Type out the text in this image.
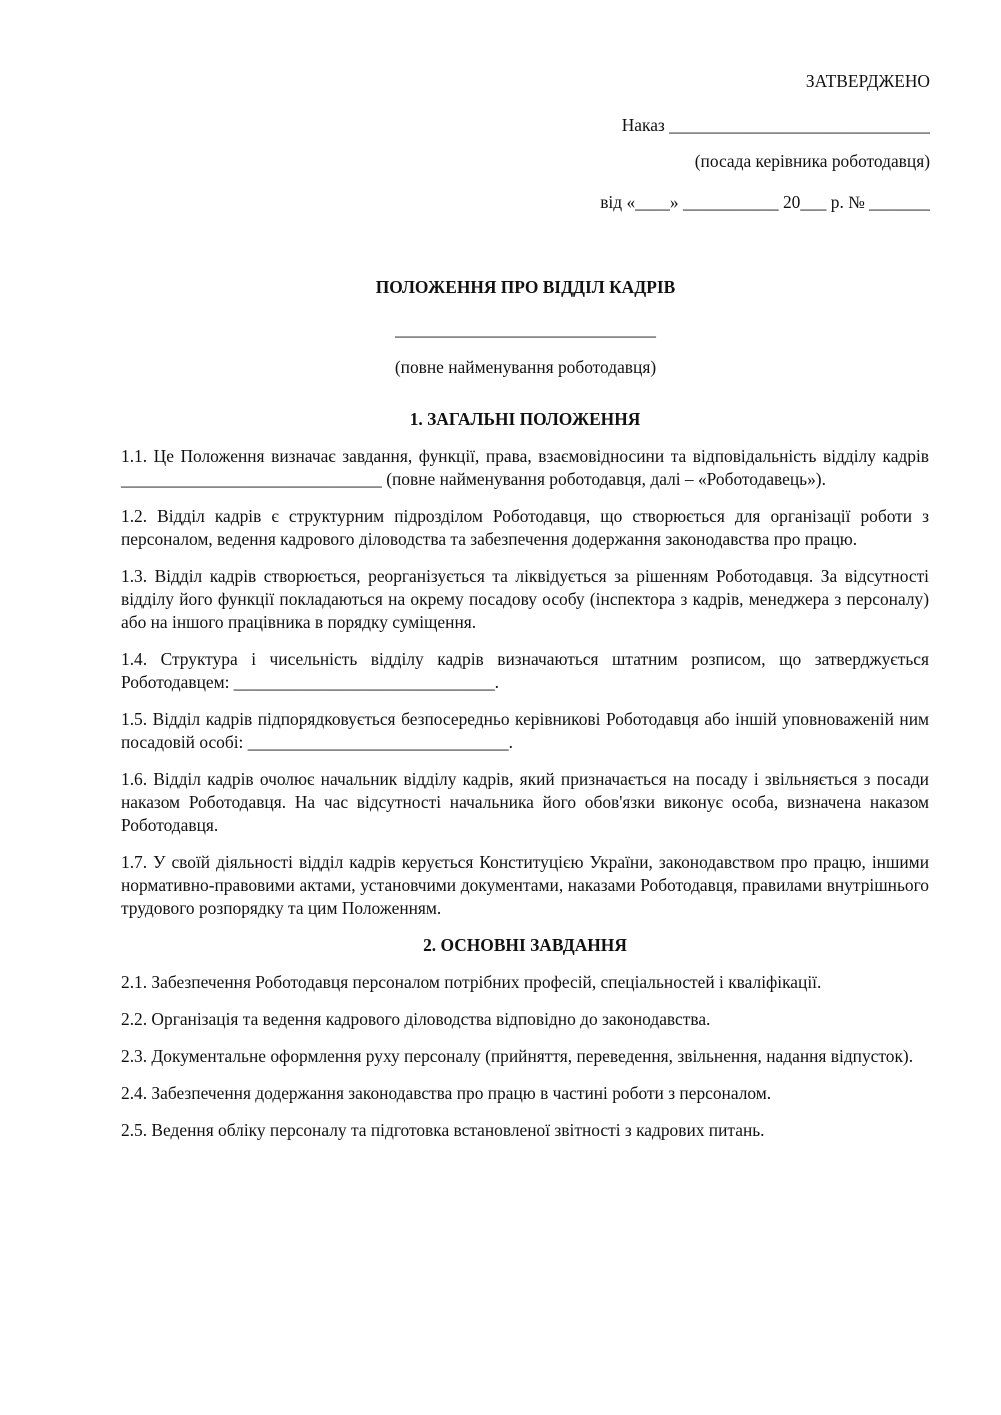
ЗАТВЕРДЖЕНО
Наказ ______________________________
(посада керівника роботодавця)
від «____» ___________ 20___ р. № _______
ПОЛОЖЕННЯ ПРО ВІДДІЛ КАДРІВ
______________________________
(повне найменування роботодавця)
1. ЗАГАЛЬНІ ПОЛОЖЕННЯ
1.1. Це Положення визначає завдання, функції, права, взаємовідносини та відповідальність відділу кадрів ______________________________ (повне найменування роботодавця, далі – «Роботодавець»).
1.2. Відділ кадрів є структурним підрозділом Роботодавця, що створюється для організації роботи з персоналом, ведення кадрового діловодства та забезпечення додержання законодавства про працю.
1.3. Відділ кадрів створюється, реорганізується та ліквідується за рішенням Роботодавця. За відсутності відділу його функції покладаються на окрему посадову особу (інспектора з кадрів, менеджера з персоналу) або на іншого працівника в порядку суміщення.
1.4. Структура і чисельність відділу кадрів визначаються штатним розписом, що затверджується Роботодавцем: ______________________________.
1.5. Відділ кадрів підпорядковується безпосередньо керівникові Роботодавця або іншій уповноваженій ним посадовій особі: ______________________________.
1.6. Відділ кадрів очолює начальник відділу кадрів, який призначається на посаду і звільняється з посади наказом Роботодавця. На час відсутності начальника його обов'язки виконує особа, визначена наказом Роботодавця.
1.7. У своїй діяльності відділ кадрів керується Конституцією України, законодавством про працю, іншими нормативно-правовими актами, установчими документами, наказами Роботодавця, правилами внутрішнього трудового розпорядку та цим Положенням.
2. ОСНОВНІ ЗАВДАННЯ
2.1. Забезпечення Роботодавця персоналом потрібних професій, спеціальностей і кваліфікації.
2.2. Організація та ведення кадрового діловодства відповідно до законодавства.
2.3. Документальне оформлення руху персоналу (прийняття, переведення, звільнення, надання відпусток).
2.4. Забезпечення додержання законодавства про працю в частині роботи з персоналом.
2.5. Ведення обліку персоналу та підготовка встановленої звітності з кадрових питань.
